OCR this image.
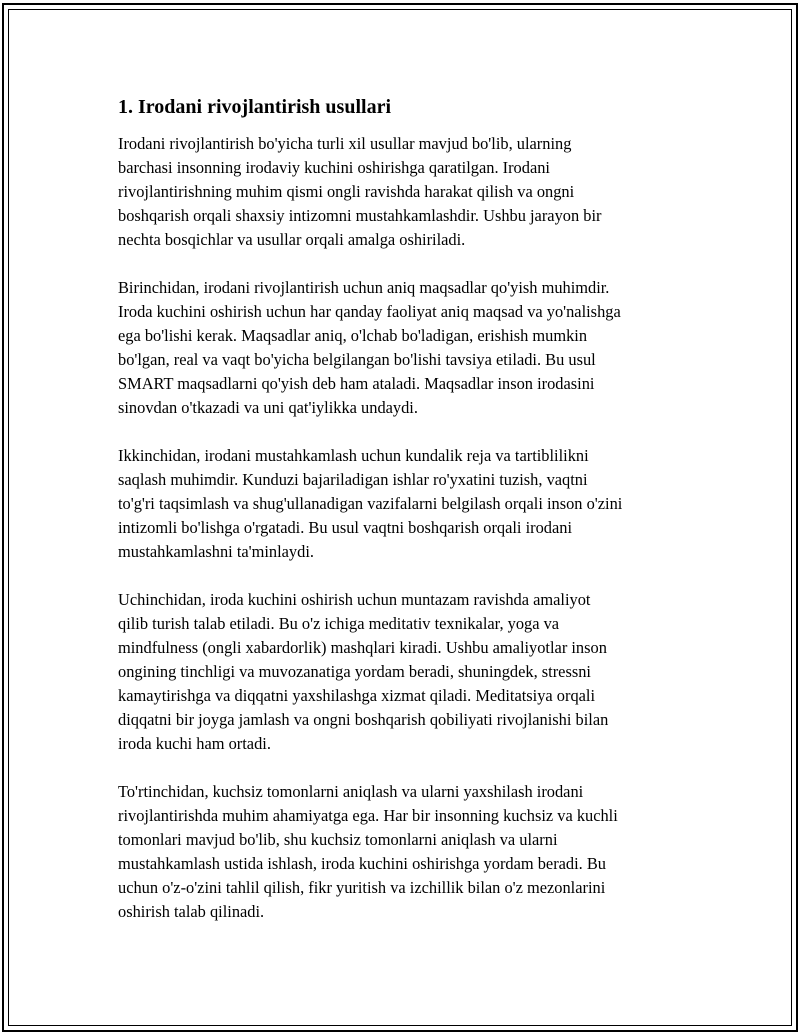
1. Irodani rivojlantirish usullari

Irodani rivojlantirish bo'yicha turli xil usullar mavjud bo'lib, ularning
barchasi insonning irodaviy kuchini oshirishga qaratilgan. Irodani
rivojlantirishning muhim qismi ongli ravishda harakat qilish va ongni
boshqarish orqali shaxsiy intizomni mustahkamlashdir. Ushbu jarayon bir
nechta bosqichlar va usullar orqali amalga oshiriladi.

Birinchidan, irodani rivojlantirish uchun aniq maqsadlar qo'yish muhimdir.
Iroda kuchini oshirish uchun har qanday faoliyat aniq maqsad va yo'nalishga
ega bo'lishi kerak. Maqsadlar aniq, o'lchab bo'ladigan, erishish mumkin
bo'lgan, real va vaqt bo'yicha belgilangan bo'lishi tavsiya etiladi. Bu usul
SMART maqsadlarni qo'yish deb ham ataladi. Maqsadlar inson irodasini
sinovdan o'tkazadi va uni qat'iylikka undaydi.

Ikkinchidan, irodani mustahkamlash uchun kundalik reja va tartiblilikni
saqlash muhimdir. Kunduzi bajariladigan ishlar ro'yxatini tuzish, vaqtni
to'g'ri taqsimlash va shug'ullanadigan vazifalarni belgilash orqali inson o'zini
intizomli bo'lishga o'rgatadi. Bu usul vaqtni boshqarish orqali irodani
mustahkamlashni ta'minlaydi.

Uchinchidan, iroda kuchini oshirish uchun muntazam ravishda amaliyot
qilib turish talab etiladi. Bu o'z ichiga meditativ texnikalar, yoga va
mindfulness (ongli xabardorlik) mashqlari kiradi. Ushbu amaliyotlar inson
ongining tinchligi va muvozanatiga yordam beradi, shuningdek, stressni
kamaytirishga va diqqatni yaxshilashga xizmat qiladi. Meditatsiya orqali
diqqatni bir joyga jamlash va ongni boshqarish qobiliyati rivojlanishi bilan
iroda kuchi ham ortadi.

To'rtinchidan, kuchsiz tomonlarni aniqlash va ularni yaxshilash irodani
rivojlantirishda muhim ahamiyatga ega. Har bir insonning kuchsiz va kuchli
tomonlari mavjud bo'lib, shu kuchsiz tomonlarni aniqlash va ularni
mustahkamlash ustida ishlash, iroda kuchini oshirishga yordam beradi. Bu
uchun o'z-o'zini tahlil qilish, fikr yuritish va izchillik bilan o'z mezonlarini
oshirish talab qilinadi.
